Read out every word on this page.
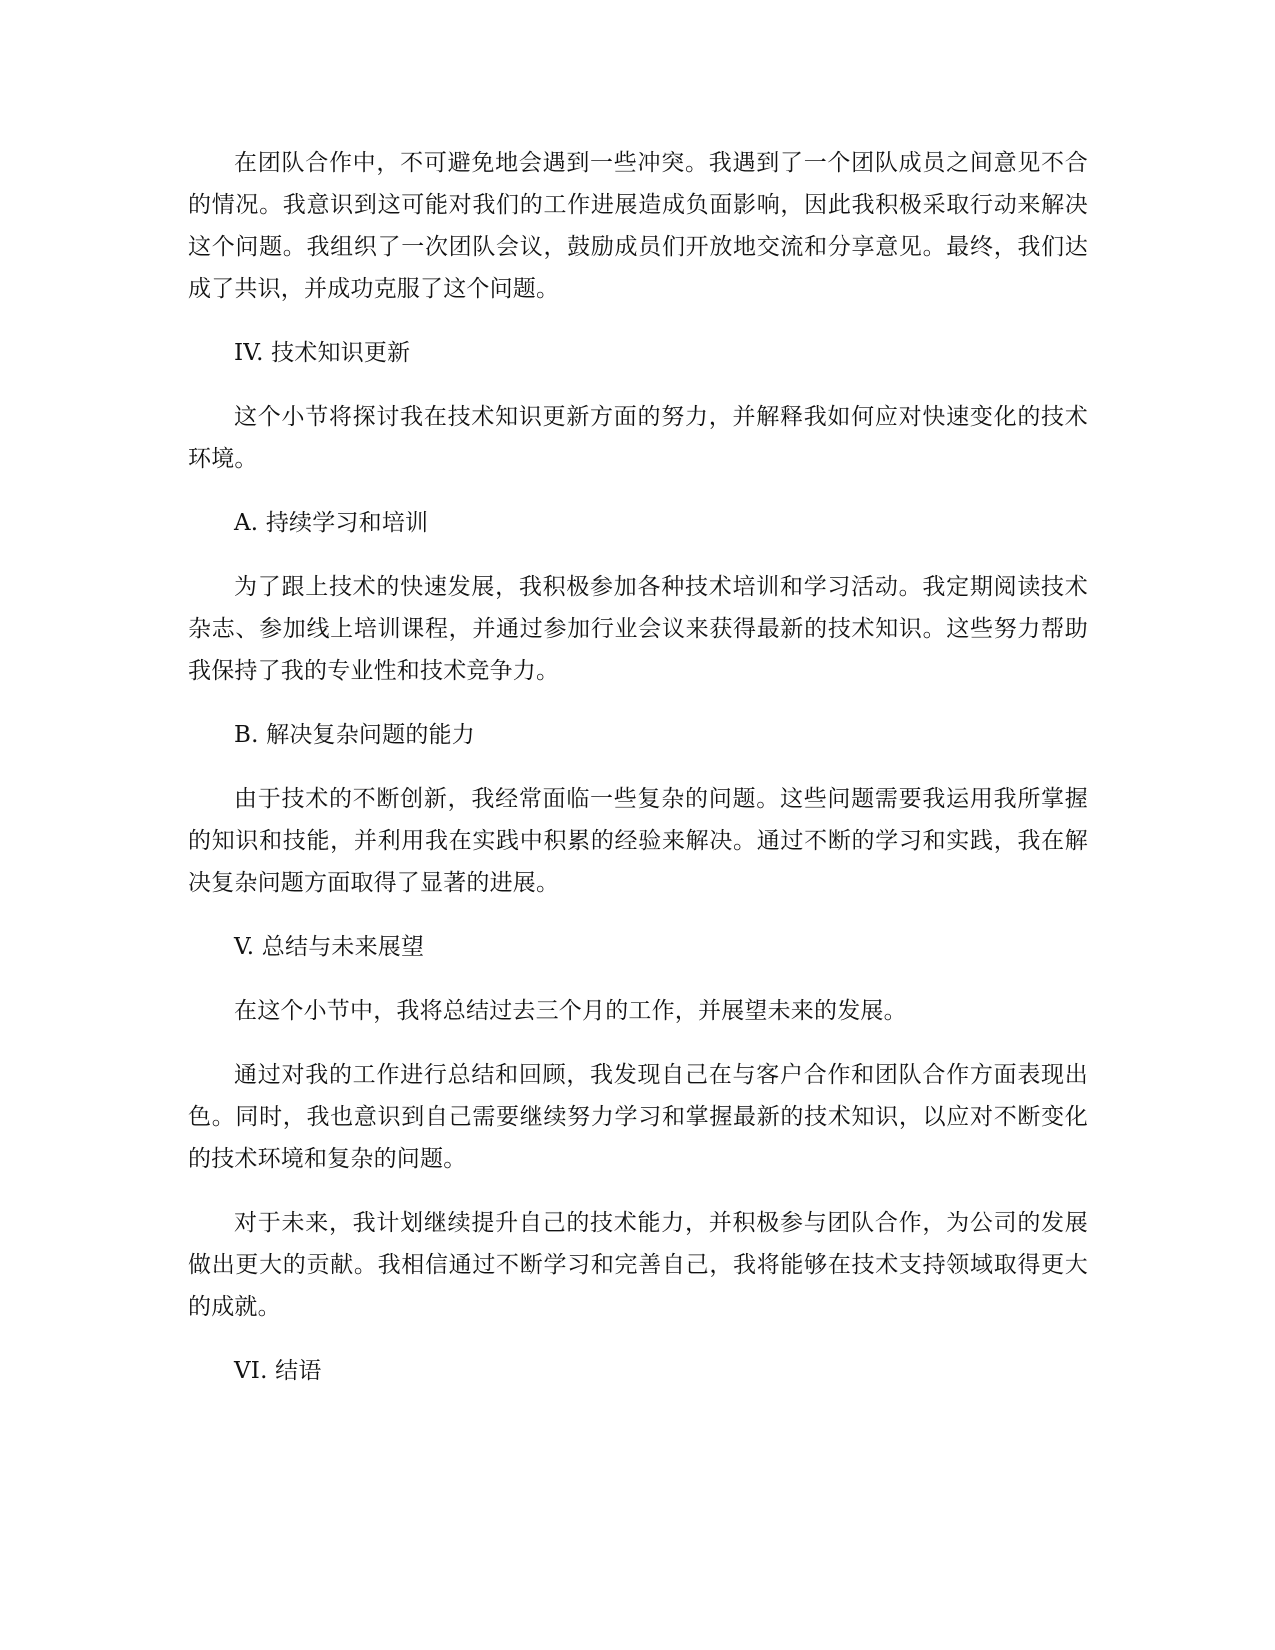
在团队合作中，不可避免地会遇到一些冲突。我遇到了一个团队成员之间意见不合的情况。我意识到这可能对我们的工作进展造成负面影响，因此我积极采取行动来解决这个问题。我组织了一次团队会议，鼓励成员们开放地交流和分享意见。最终，我们达成了共识，并成功克服了这个问题。

IV. 技术知识更新

这个小节将探讨我在技术知识更新方面的努力，并解释我如何应对快速变化的技术环境。

A. 持续学习和培训

为了跟上技术的快速发展，我积极参加各种技术培训和学习活动。我定期阅读技术杂志、参加线上培训课程，并通过参加行业会议来获得最新的技术知识。这些努力帮助我保持了我的专业性和技术竞争力。

B. 解决复杂问题的能力

由于技术的不断创新，我经常面临一些复杂的问题。这些问题需要我运用我所掌握的知识和技能，并利用我在实践中积累的经验来解决。通过不断的学习和实践，我在解决复杂问题方面取得了显著的进展。

V. 总结与未来展望

在这个小节中，我将总结过去三个月的工作，并展望未来的发展。

通过对我的工作进行总结和回顾，我发现自己在与客户合作和团队合作方面表现出色。同时，我也意识到自己需要继续努力学习和掌握最新的技术知识，以应对不断变化的技术环境和复杂的问题。

对于未来，我计划继续提升自己的技术能力，并积极参与团队合作，为公司的发展做出更大的贡献。我相信通过不断学习和完善自己，我将能够在技术支持领域取得更大的成就。

VI. 结语
